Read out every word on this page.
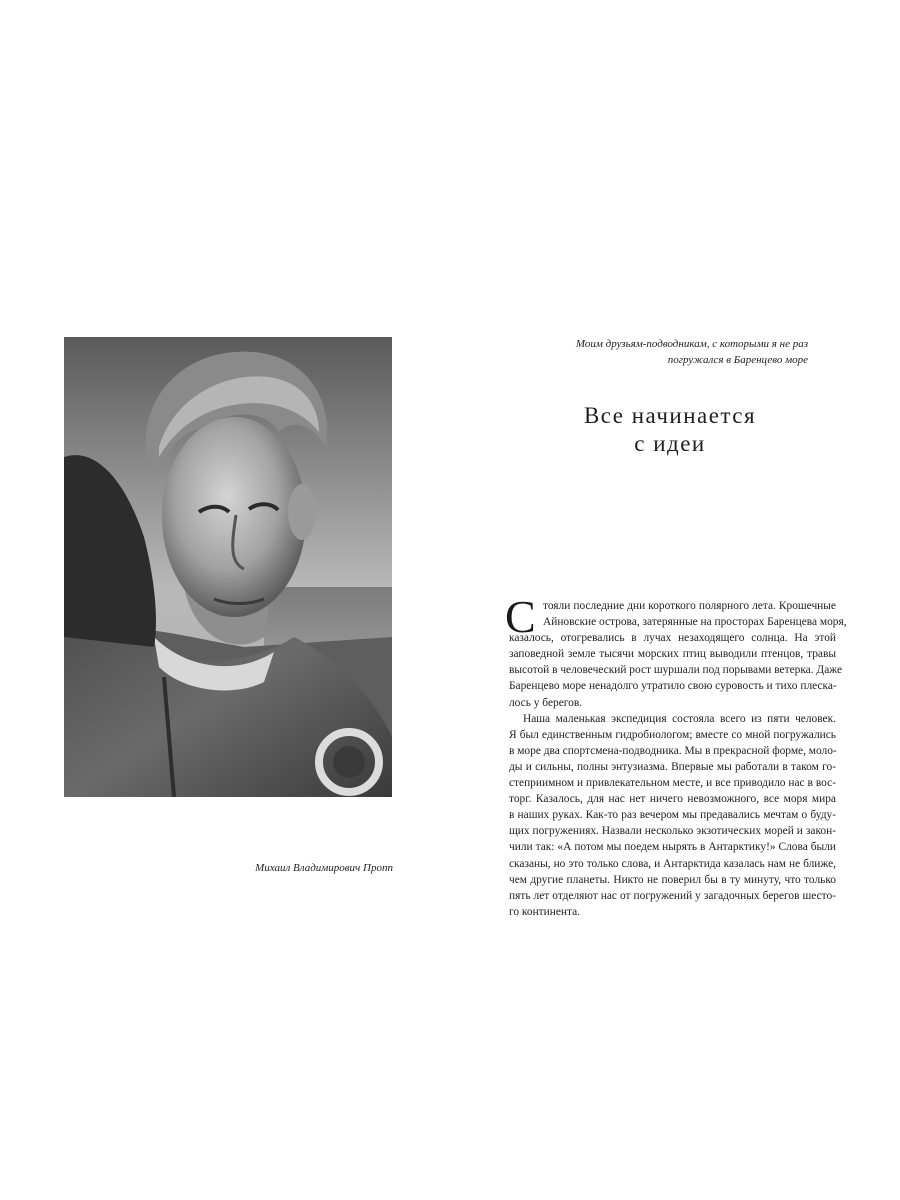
Михаил Владимирович Пропп
Моим друзьям-подводникам, с которыми я не раз
погружался в Баренцево море
Все начинается
с идеи
С тояли последние дни короткого полярного лета. Крошечные
Айновские острова, затерянные на просторах Баренцева моря,
казалось, отогревались в лучах незаходящего солнца. На этой
заповедной земле тысячи морских птиц выводили птенцов, травы
высотой в человеческий рост шуршали под порывами ветерка. Даже
Баренцево море ненадолго утратило свою суровость и тихо плеска-
лось у берегов.
Наша маленькая экспедиция состояла всего из пяти человек.
Я был единственным гидробиологом; вместе со мной погружались
в море два спортсмена-подводника. Мы в прекрасной форме, моло-
ды и сильны, полны энтузиазма. Впервые мы работали в таком го-
степриимном и привлекательном месте, и все приводило нас в вос-
торг. Казалось, для нас нет ничего невозможного, все моря мира
в наших руках. Как-то раз вечером мы предавались мечтам о буду-
щих погружениях. Назвали несколько экзотических морей и закон-
чили так: «А потом мы поедем нырять в Антарктику!» Слова были
сказаны, но это только слова, и Антарктида казалась нам не ближе,
чем другие планеты. Никто не поверил бы в ту минуту, что только
пять лет отделяют нас от погружений у загадочных берегов шесто-
го континента.
